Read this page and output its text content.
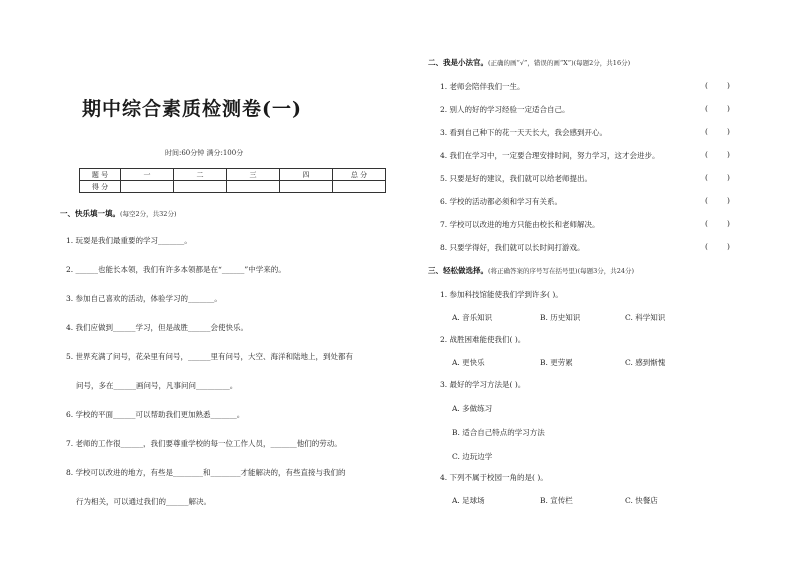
期中综合素质检测卷(一)
时间:60分钟 满分:100分
题 号	一	二	三	四	总 分
得 分					
一、快乐填一填。(每空2分，共32分)
1. 玩耍是我们最重要的学习_______。
2. ______也能长本领，我们有许多本领都是在“______”中学来的。
3. 参加自己喜欢的活动，体验学习的_______。
4. 我们应做到______学习，但是战胜______会使快乐。
5. 世界充满了问号，花朵里有问号，______里有问号，大空、海洋和陆地上，到处都有
问号，多在______画问号，凡事问问_________。
6. 学校的平面______可以帮助我们更加熟悉_______。
7. 老师的工作很______，我们要尊重学校的每一位工作人员，_______他们的劳动。
8. 学校可以改进的地方，有些是________和________才能解决的，有些直接与我们的
行为相关，可以通过我们的______解决。
二、我是小法官。(正确的画“√”，错误的画“X”)(每题2分，共16分)
1. 老师会陪伴我们一生。	(        )
2. 别人的好的学习经验一定适合自己。	(        )
3. 看到自己种下的花一天天长大，我会感到开心。	(        )
4. 我们在学习中，一定要合理安排时间，努力学习，这才会进步。	(        )
5. 只要是好的建议，我们就可以给老师提出。	(        )
6. 学校的活动都必须和学习有关系。	(        )
7. 学校可以改进的地方只能由校长和老师解决。	(        )
8. 只要学得好，我们就可以长时间打游戏。	(        )
三、轻松做选择。(将正确答案的序号写在括号里)(每题3分，共24分)
1. 参加科技馆能使我们学到许多( )。
A. 音乐知识	B. 历史知识	C. 科学知识
2. 战胜困难能使我们( )。
A. 更快乐	B. 更劳累	C. 感到惭愧
3. 最好的学习方法是( )。
A. 多做练习
B. 适合自己特点的学习方法
C. 边玩边学
4. 下列不属于校园一角的是( )。
A. 足球场	B. 宣传栏	C. 快餐店
